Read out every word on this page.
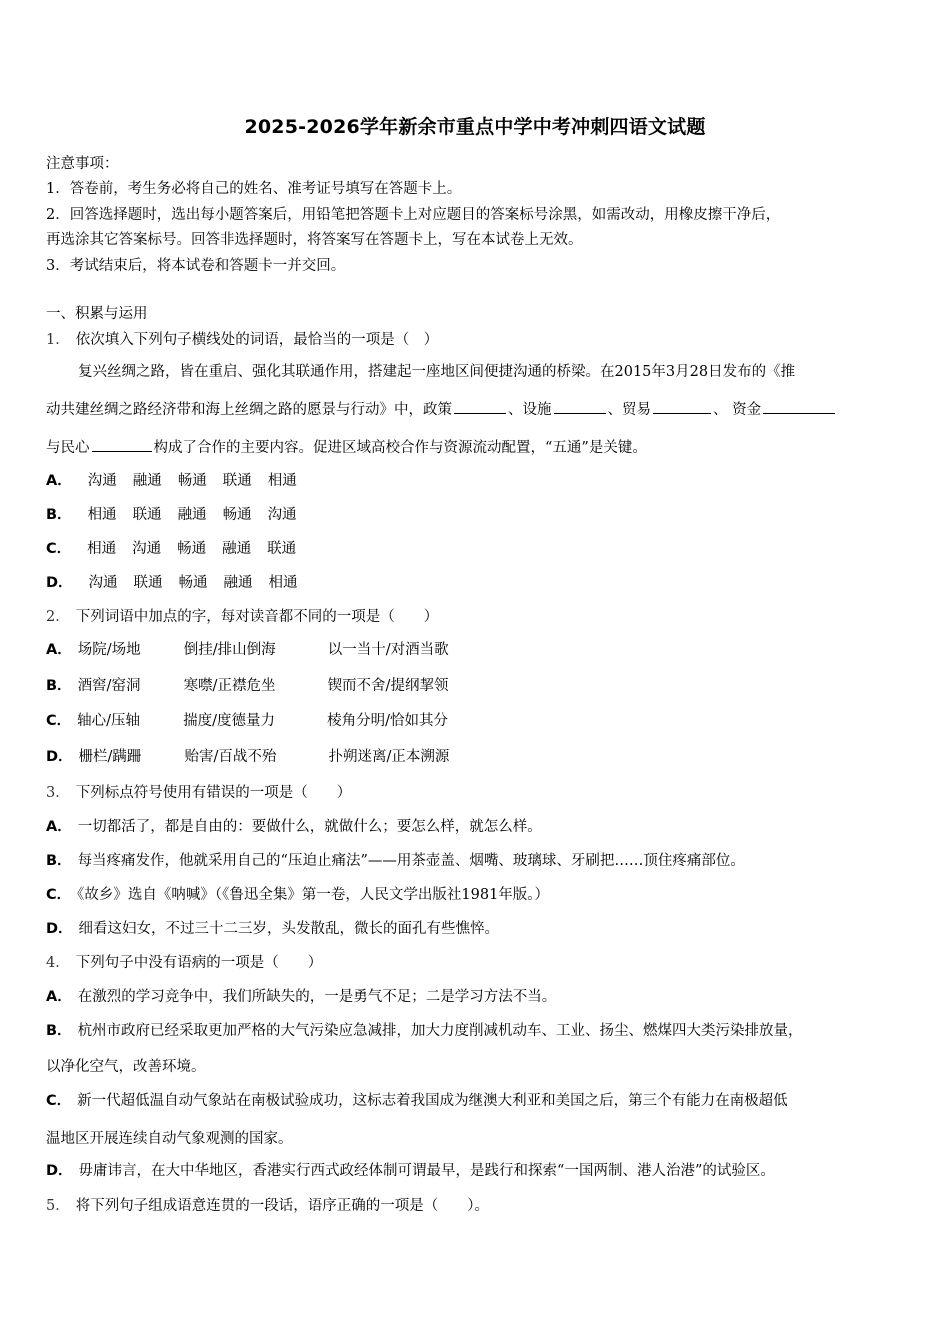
2025-2026学年新余市重点中学中考冲刺四语文试题
注意事项：
1．答卷前，考生务必将自己的姓名、准考证号填写在答题卡上。
2．回答选择题时，选出每小题答案后，用铅笔把答题卡上对应题目的答案标号涂黑，如需改动，用橡皮擦干净后，
再选涂其它答案标号。回答非选择题时，将答案写在答题卡上，写在本试卷上无效。
3．考试结束后，将本试卷和答题卡一并交回。
一、积累与运用
1． 依次填入下列句子横线处的词语，最恰当的一项是（　）
复兴丝绸之路，皆在重启、强化其联通作用，搭建起一座地区间便捷沟通的桥梁。在2015年3月28日发布的《推
动共建丝绸之路经济带和海上丝绸之路的愿景与行动》中，政策	、设施	、贸易	、 资金
与民心	构成了合作的主要内容。促进区域高校合作与资源流动配置，“五通”是关键。
A． 沟通 融通 畅通 联通 相通
B． 相通 联通 融通 畅通 沟通
C． 相通 沟通 畅通 融通 联通
D． 沟通 联通 畅通 融通 相通
2． 下列词语中加点的字，每对读音都不同的一项是（　　）
A． 场院/场地	倒挂/排山倒海	以一当十/对酒当歌
B． 酒窖/窑洞	寒噤/正襟危坐	锲而不舍/提纲挈领
C． 轴心/压轴	揣度/度德量力	棱角分明/恰如其分
D． 栅栏/蹒跚	贻害/百战不殆	扑朔迷离/正本溯源
3． 下列标点符号使用有错误的一项是（　　）
A． 一切都活了，都是自由的：要做什么，就做什么；要怎么样，就怎么样。
B． 每当疼痛发作，他就采用自己的“压迫止痛法”——用茶壶盖、烟嘴、玻璃球、牙刷把……顶住疼痛部位。
C． 《故乡》选自《呐喊》（《鲁迅全集》第一卷，人民文学出版社1981年版。）
D． 细看这妇女，不过三十二三岁，头发散乱，微长的面孔有些憔悴。
4． 下列句子中没有语病的一项是（　　）
A． 在激烈的学习竞争中，我们所缺失的，一是勇气不足；二是学习方法不当。
B． 杭州市政府已经采取更加严格的大气污染应急减排，加大力度削减机动车、工业、扬尘、燃煤四大类污染排放量，
以净化空气，改善环境。
C． 新一代超低温自动气象站在南极试验成功，这标志着我国成为继澳大利亚和美国之后，第三个有能力在南极超低
温地区开展连续自动气象观测的国家。
D． 毋庸讳言，在大中华地区，香港实行西式政经体制可谓最早，是践行和探索“一国两制、港人治港”的试验区。
5． 将下列句子组成语意连贯的一段话，语序正确的一项是（　　）。
